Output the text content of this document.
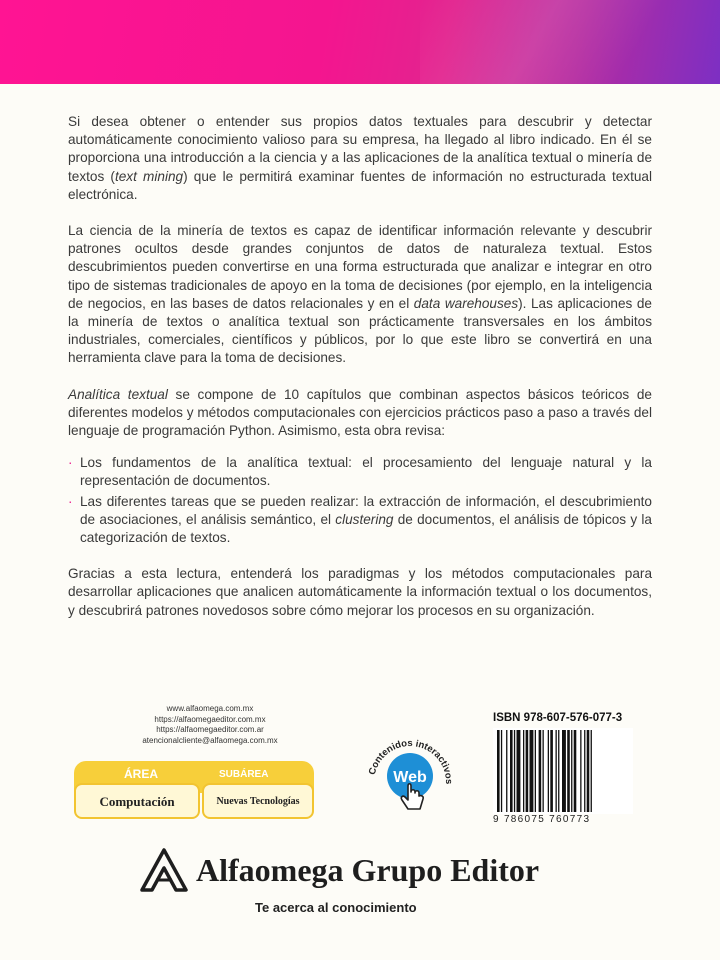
Si desea obtener o entender sus propios datos textuales para descubrir y detectar automáticamente conocimiento valioso para su empresa, ha llegado al libro indicado. En él se proporciona una introducción a la ciencia y a las aplicaciones de la analítica textual o minería de textos (text mining) que le permitirá examinar fuentes de información no estructurada textual electrónica.

La ciencia de la minería de textos es capaz de identificar información relevante y descubrir patrones ocultos desde grandes conjuntos de datos de naturaleza textual. Estos descubrimientos pueden convertirse en una forma estructurada que analizar e integrar en otro tipo de sistemas tradicionales de apoyo en la toma de decisiones (por ejemplo, en la inteligencia de negocios, en las bases de datos relacionales y en el data warehouses). Las aplicaciones de la minería de textos o analítica textual son prácticamente transversales en los ámbitos industriales, comerciales, científicos y públicos, por lo que este libro se convertirá en una herramienta clave para la toma de decisiones.

Analítica textual se compone de 10 capítulos que combinan aspectos básicos teóricos de diferentes modelos y métodos computacionales con ejercicios prácticos paso a paso a través del lenguaje de programación Python. Asimismo, esta obra revisa:

· Los fundamentos de la analítica textual: el procesamiento del lenguaje natural y la representación de documentos.
· Las diferentes tareas que se pueden realizar: la extracción de información, el descubrimiento de asociaciones, el análisis semántico, el clustering de documentos, el análisis de tópicos y la categorización de textos.

Gracias a esta lectura, entenderá los paradigmas y los métodos computacionales para desarrollar aplicaciones que analicen automáticamente la información textual o los documentos, y descubrirá patrones novedosos sobre cómo mejorar los procesos en su organización.

www.alfaomega.com.mx
https://alfaomegaeditor.com.mx
https://alfaomegaeditor.com.ar
atencionalcliente@alfaomega.com.mx
ÁREA	SUBÁREA
Computación	Nuevas Tecnologías
Contenidos interactivos
Web
ISBN 978-607-576-077-3
9 786075 760773
Alfaomega Grupo Editor
Te acerca al conocimiento
